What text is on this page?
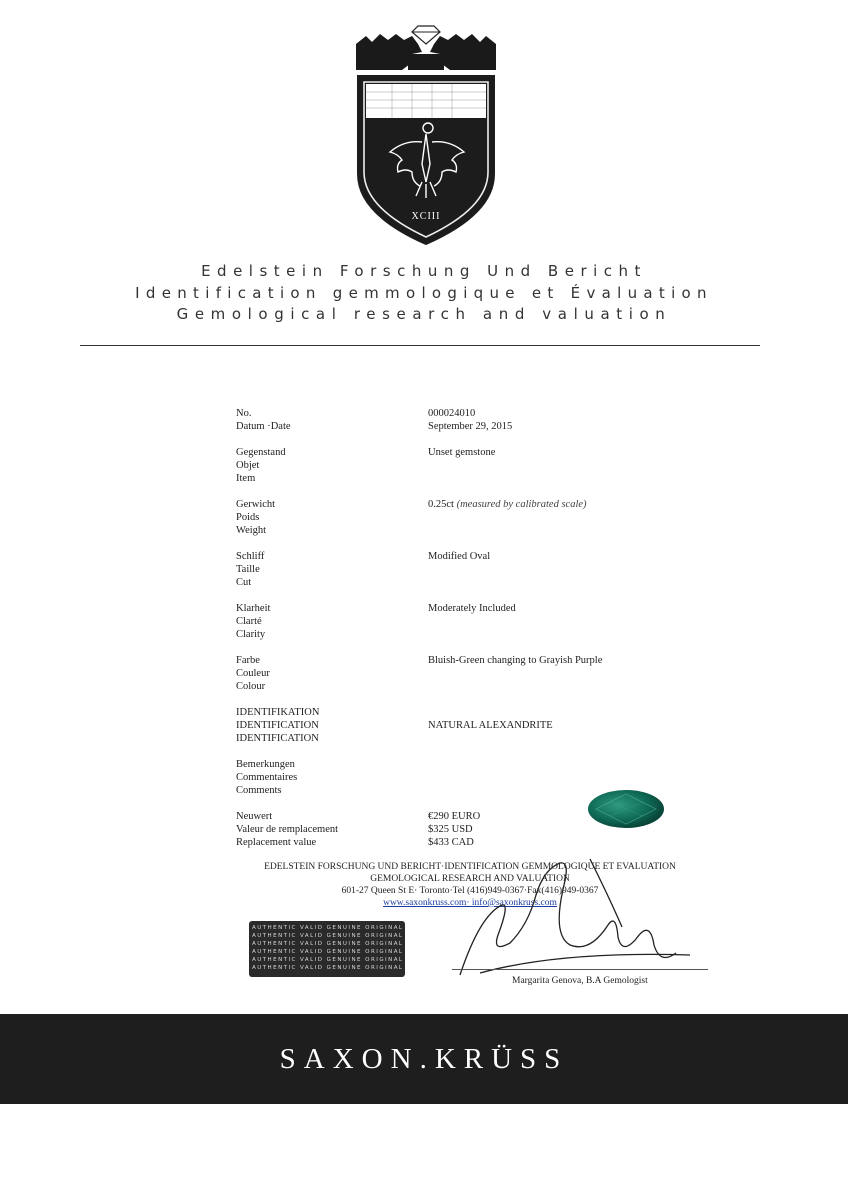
XCIII
Edelstein Forschung Und Bericht
Identification gemmologique et Évaluation
Gemological research and valuation
No.
Datum ·Date
000024010
September 29, 2015
Gegenstand
Objet
Item
Unset gemstone
Gerwicht
Poids
Weight
0.25ct (measured by calibrated scale)
Schliff
Taille
Cut
Modified Oval
Klarheit
Clarté
Clarity
Moderately Included
Farbe
Couleur
Colour
Bluish-Green changing to Grayish Purple
IDENTIFIKATION
IDENTIFICATION
IDENTIFICATION
NATURAL ALEXANDRITE
Bemerkungen
Commentaires
Comments
Neuwert
Valeur de remplacement
Replacement value
€290 EURO
$325 USD
$433 CAD
EDELSTEIN FORSCHUNG UND BERICHT·IDENTIFICATION GEMMOLOGIQUE ET EVALUATION
GEMOLOGICAL RESEARCH AND VALUATION
601-27 Queen St E· Toronto·Tel (416)949-0367·Fax(416)949-0367
www.saxonkruss.com· info@saxonkruss.com
AUTHENTIC VALID GENUINE ORIGINAL
AUTHENTIC VALID GENUINE ORIGINAL
AUTHENTIC VALID GENUINE ORIGINAL
AUTHENTIC VALID GENUINE ORIGINAL
AUTHENTIC VALID GENUINE ORIGINAL
AUTHENTIC VALID GENUINE ORIGINAL
Margarita Genova, B.A Gemologist
SAXON.KRÜSS
